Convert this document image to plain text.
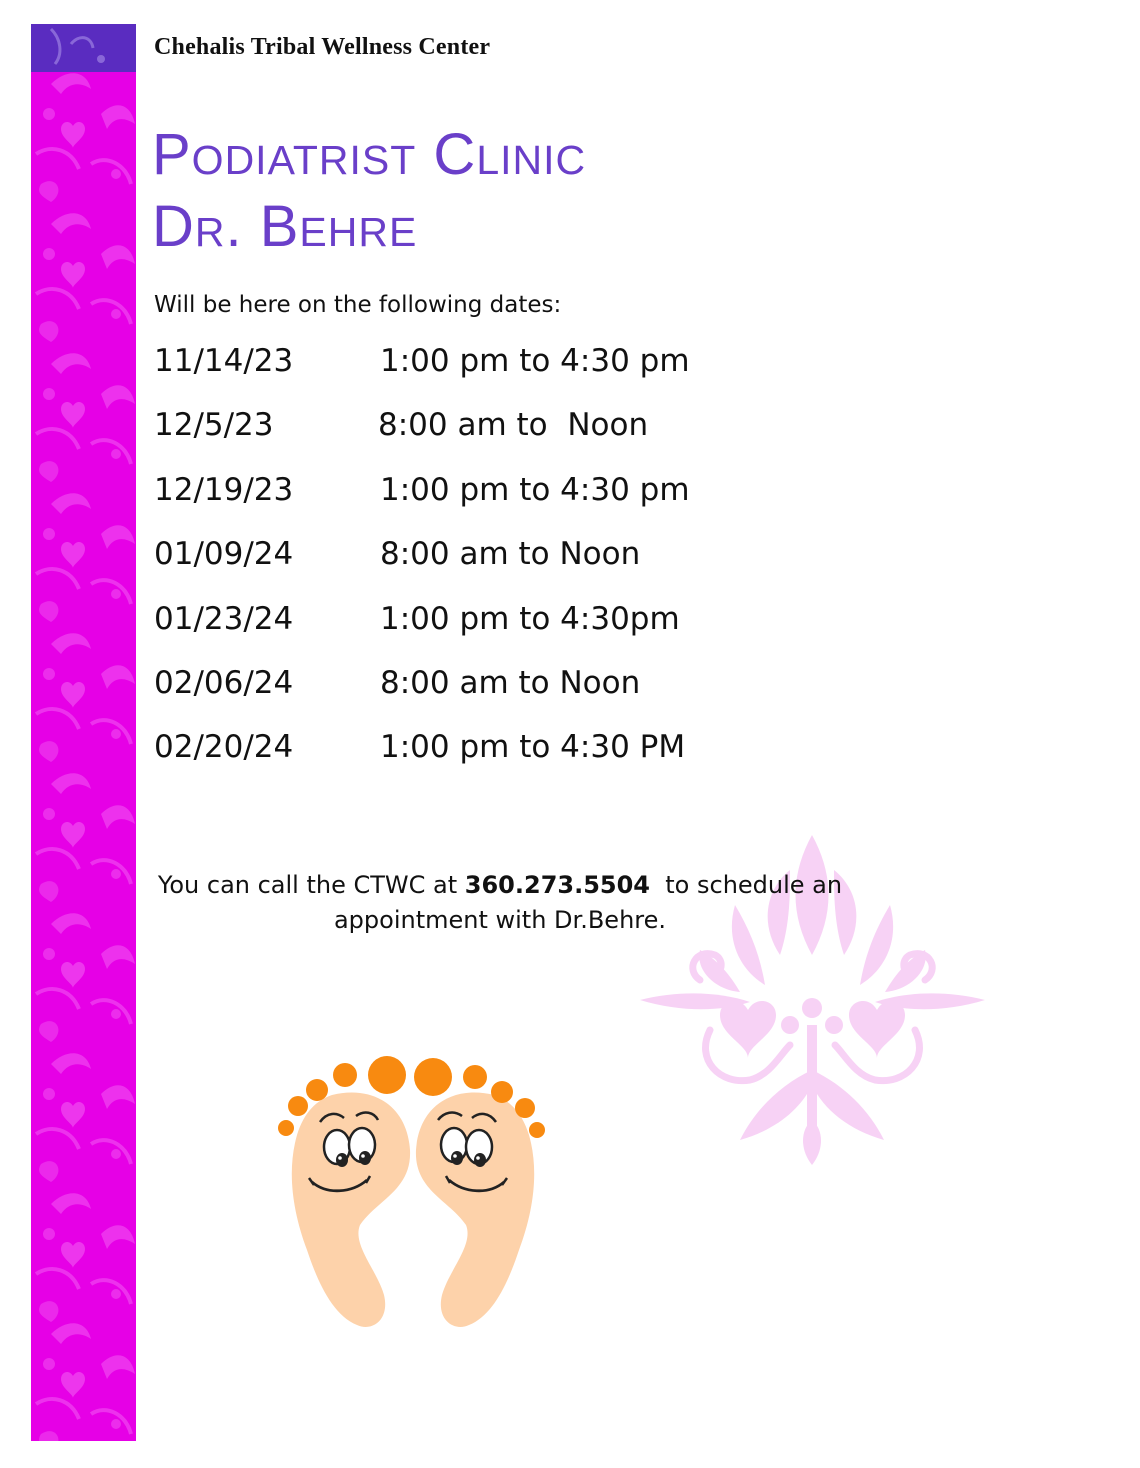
Chehalis Tribal Wellness Center
Podiatrist Clinic
Dr. Behre
Will be here on the following dates:
11/14/23	1:00 pm to 4:30 pm
12/5/23	8:00 am to  Noon
12/19/23	1:00 pm to 4:30 pm
01/09/24	8:00 am to Noon
01/23/24	1:00 pm to 4:30pm
02/06/24	8:00 am to Noon
02/20/24	1:00 pm to 4:30 PM
You can call the CTWC at 360.273.5504  to schedule an
appointment with Dr.Behre.
